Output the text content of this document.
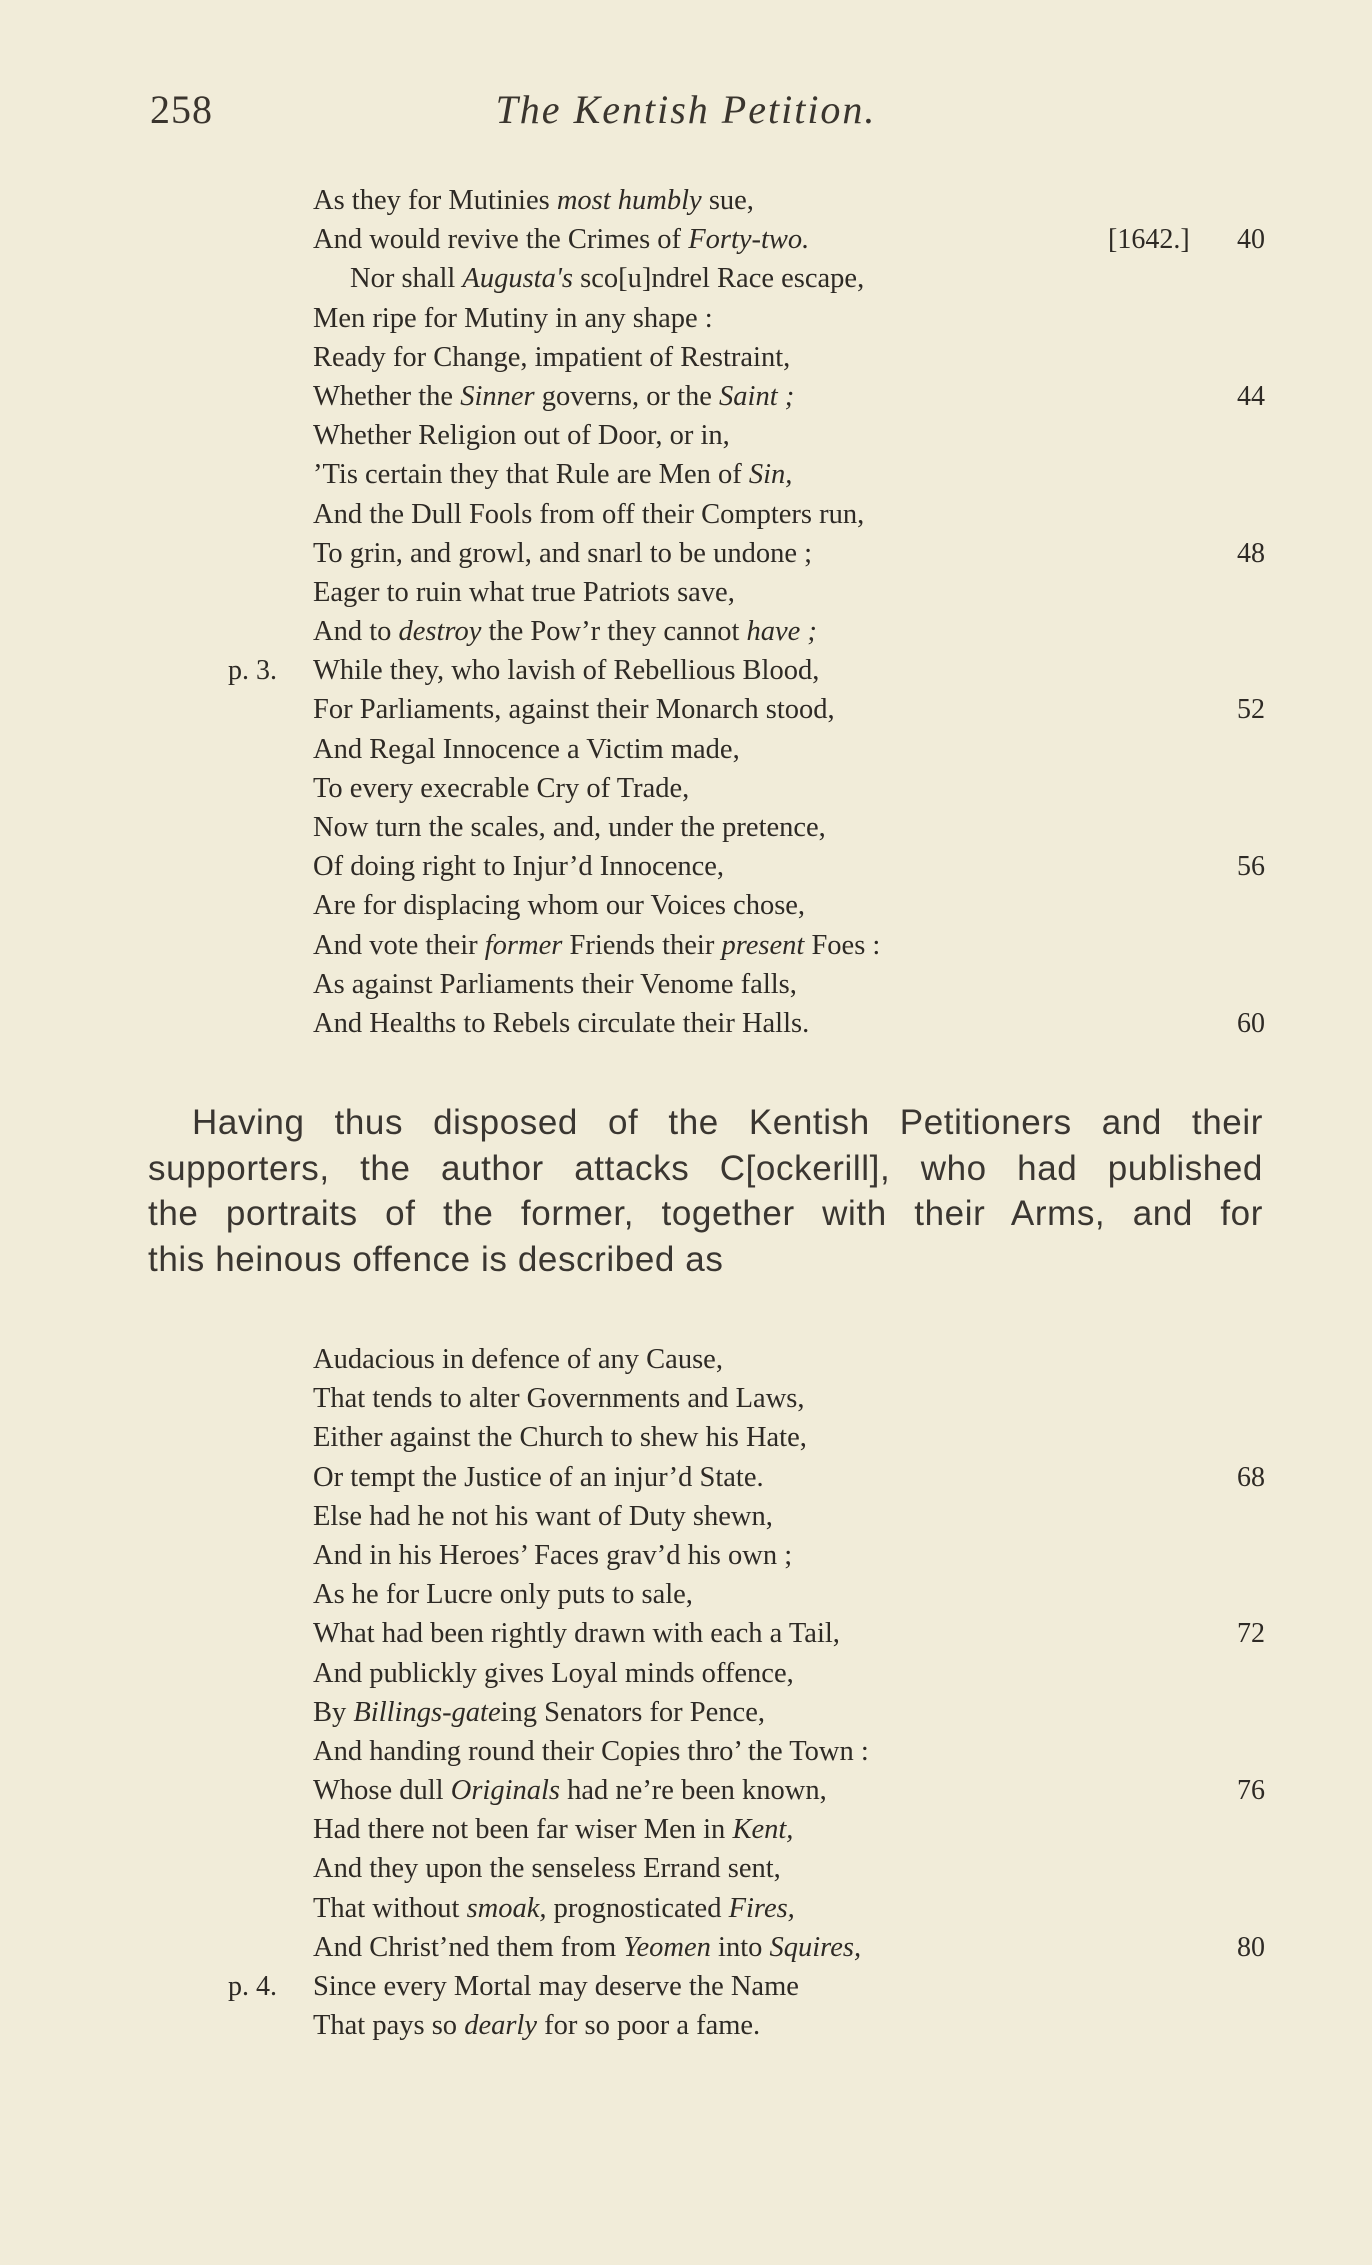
258	The Kentish Petition.
As they for Mutinies most humbly sue,
And would revive the Crimes of Forty-two.	[1642.] 40
Nor shall Augusta's sco[u]ndrel Race escape,
Men ripe for Mutiny in any shape :
Ready for Change, impatient of Restraint,
Whether the Sinner governs, or the Saint ;	44
Whether Religion out of Door, or in,
’Tis certain they that Rule are Men of Sin,
And the Dull Fools from off their Compters run,
To grin, and growl, and snarl to be undone ;	48
Eager to ruin what true Patriots save,
And to destroy the Pow’r they cannot have ;
While they, who lavish of Rebellious Blood,
p. 3.
For Parliaments, against their Monarch stood,	52
And Regal Innocence a Victim made,
To every execrable Cry of Trade,
Now turn the scales, and, under the pretence,
Of doing right to Injur’d Innocence,	56
Are for displacing whom our Voices chose,
And vote their former Friends their present Foes :
As against Parliaments their Venome falls,
And Healths to Rebels circulate their Halls.	60
Having thus disposed of the Kentish Petitioners and their
supporters, the author attacks C[ockerill], who had published
the portraits of the former, together with their Arms, and for
this heinous offence is described as
Audacious in defence of any Cause,
That tends to alter Governments and Laws,
Either against the Church to shew his Hate,
Or tempt the Justice of an injur’d State.	68
Else had he not his want of Duty shewn,
And in his Heroes’ Faces grav’d his own ;
As he for Lucre only puts to sale,
What had been rightly drawn with each a Tail,	72
And publickly gives Loyal minds offence,
By Billings-gateing Senators for Pence,
And handing round their Copies thro’ the Town :
Whose dull Originals had ne’re been known,	76
Had there not been far wiser Men in Kent,
And they upon the senseless Errand sent,
That without smoak, prognosticated Fires,
And Christ’ned them from Yeomen into Squires,	80
Since every Mortal may deserve the Name
p. 4.
That pays so dearly for so poor a fame.
